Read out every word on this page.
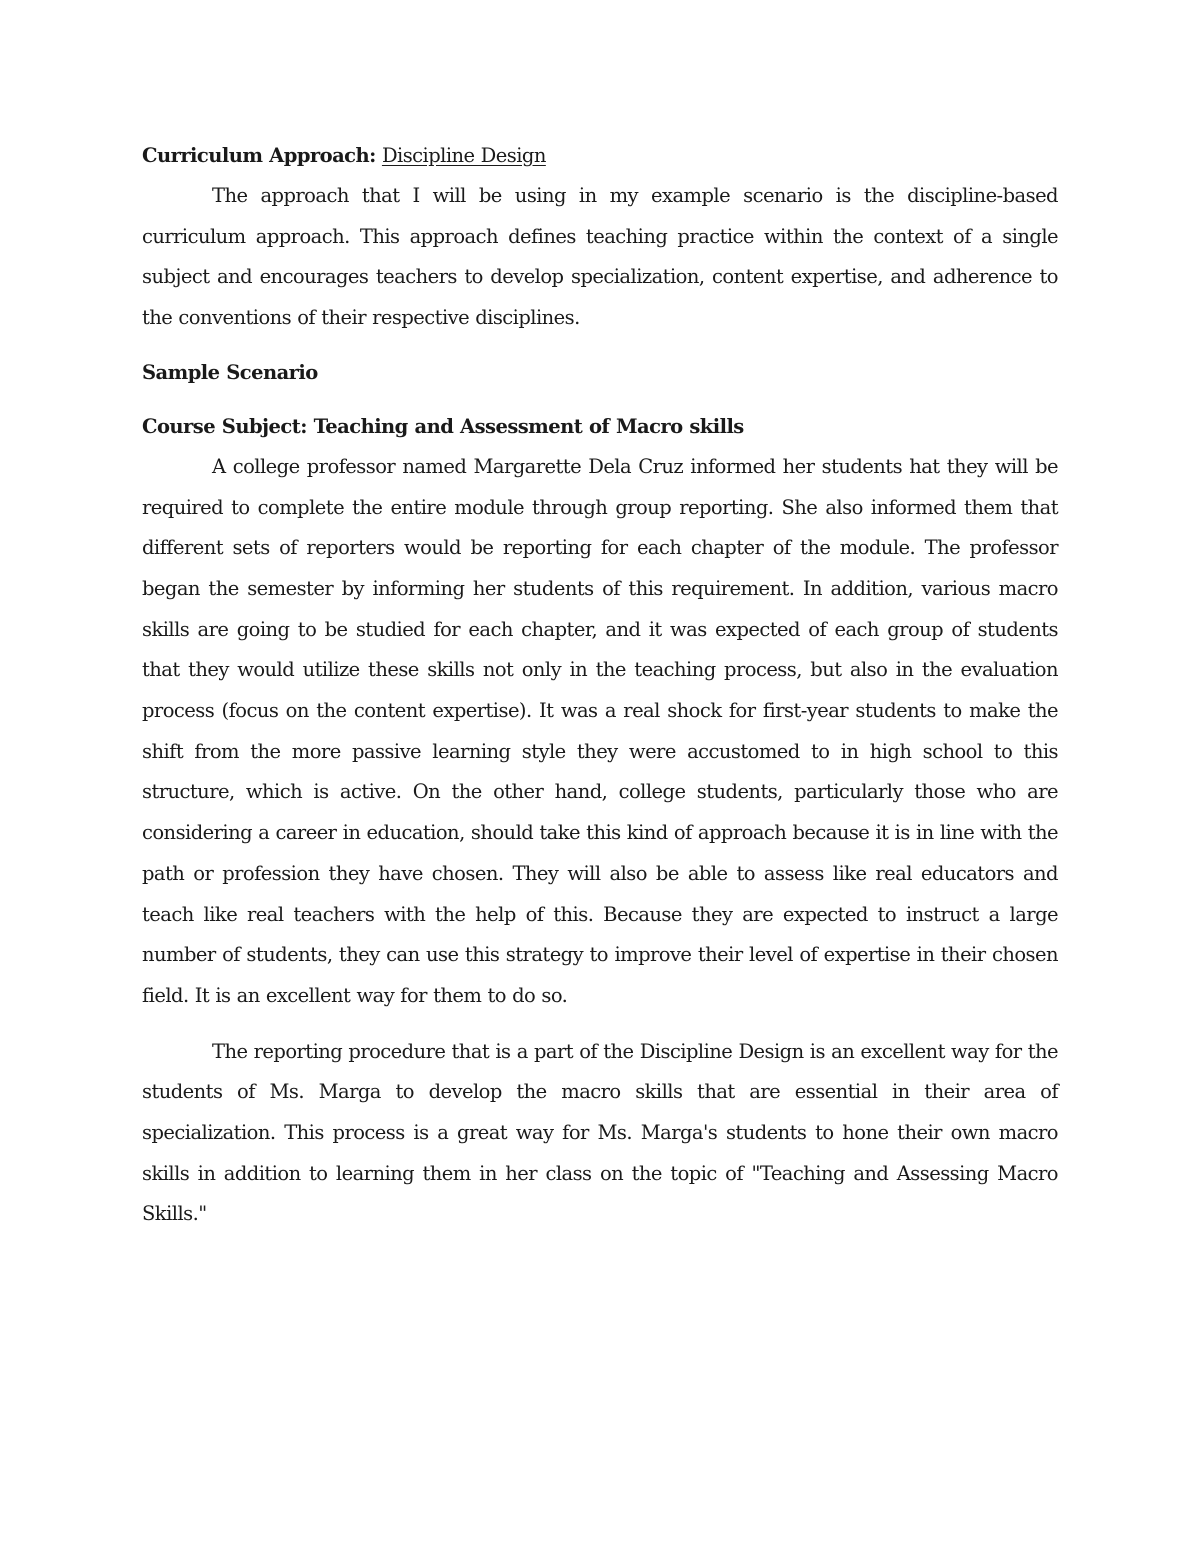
Curriculum Approach: Discipline Design

The approach that I will be using in my example scenario is the discipline-based curriculum approach. This approach defines teaching practice within the context of a single subject and encourages teachers to develop specialization, content expertise, and adherence to the conventions of their respective disciplines.

Sample Scenario

Course Subject: Teaching and Assessment of Macro skills

A college professor named Margarette Dela Cruz informed her students hat they will be required to complete the entire module through group reporting. She also informed them that different sets of reporters would be reporting for each chapter of the module. The professor began the semester by informing her students of this requirement. In addition, various macro skills are going to be studied for each chapter, and it was expected of each group of students that they would utilize these skills not only in the teaching process, but also in the evaluation process (focus on the content expertise). It was a real shock for first-year students to make the shift from the more passive learning style they were accustomed to in high school to this structure, which is active. On the other hand, college students, particularly those who are considering a career in education, should take this kind of approach because it is in line with the path or profession they have chosen. They will also be able to assess like real educators and teach like real teachers with the help of this. Because they are expected to instruct a large number of students, they can use this strategy to improve their level of expertise in their chosen field. It is an excellent way for them to do so.

The reporting procedure that is a part of the Discipline Design is an excellent way for the students of Ms. Marga to develop the macro skills that are essential in their area of specialization. This process is a great way for Ms. Marga's students to hone their own macro skills in addition to learning them in her class on the topic of "Teaching and Assessing Macro Skills."
